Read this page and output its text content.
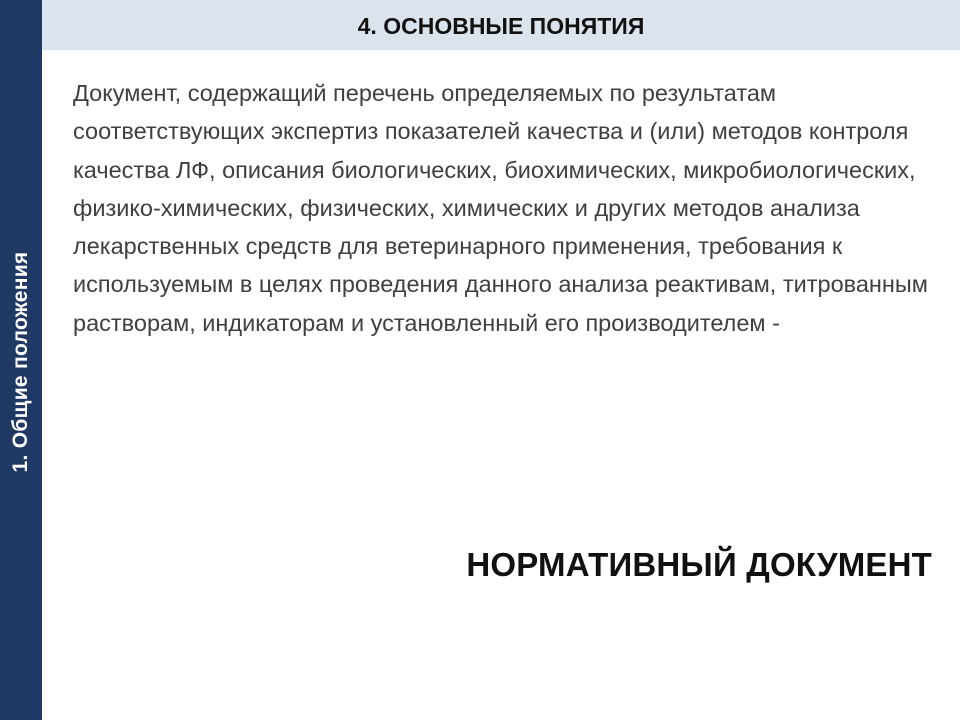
1. Общие положения
4. ОСНОВНЫЕ ПОНЯТИЯ

Документ, содержащий перечень определяемых по результатам соответствующих экспертиз показателей качества и (или) методов контроля качества ЛФ, описания биологических, биохимических, микробиологических, физико-химических, физических, химических и других методов анализа лекарственных средств для ветеринарного применения, требования к используемым в целях проведения данного анализа реактивам, титрованным растворам, индикаторам и установленный его производителем -

НОРМАТИВНЫЙ ДОКУМЕНТ
